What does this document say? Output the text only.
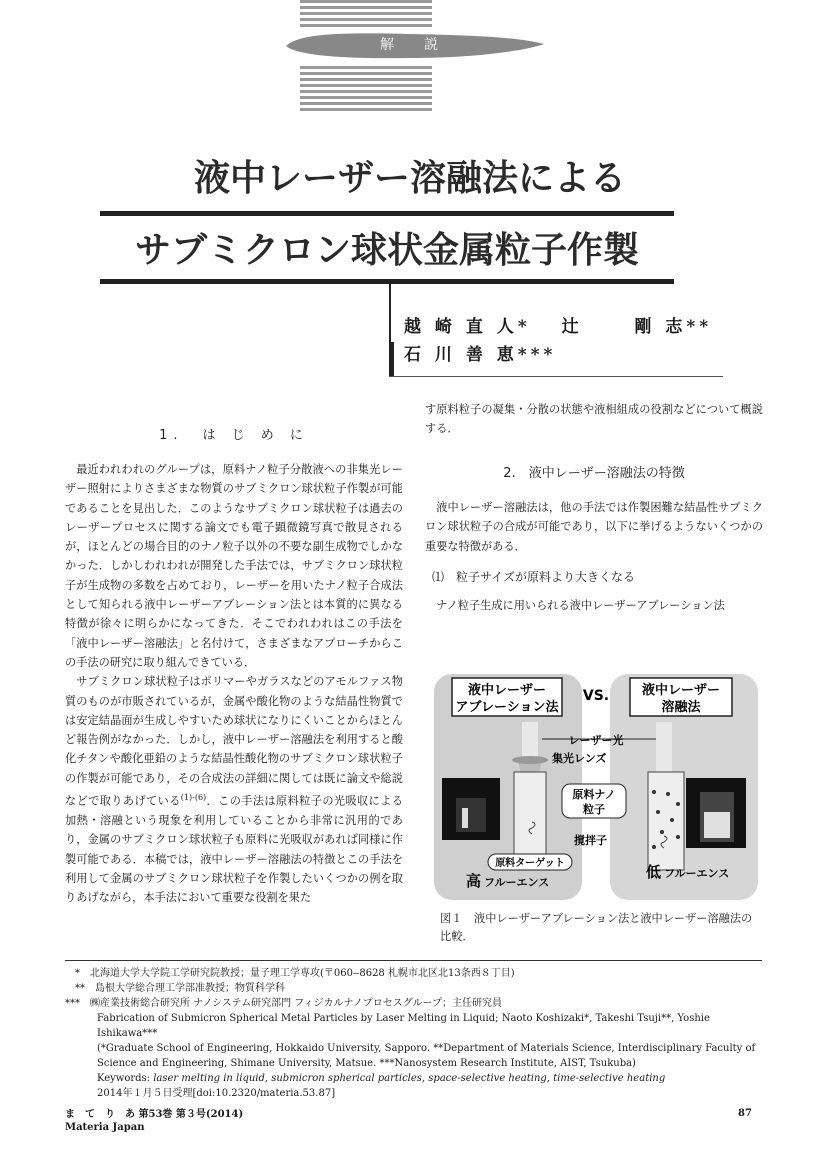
解　説
液中レーザー溶融法による
サブミクロン球状金属粒子作製
越 崎 直 人*　 辻　　 剛 志**
石 川 善 恵***
1.　は じ め に

最近われわれのグループは，原料ナノ粒子分散液への非集光レーザー照射によりさまざまな物質のサブミクロン球状粒子作製が可能であることを見出した．このようなサブミクロン球状粒子は過去のレーザープロセスに関する論文でも電子顕微鏡写真で散見されるが，ほとんどの場合目的のナノ粒子以外の不要な副生成物でしかなかった．しかしわれわれが開発した手法では，サブミクロン球状粒子が生成物の多数を占めており，レーザーを用いたナノ粒子合成法として知られる液中レーザーアブレーション法とは本質的に異なる特徴が徐々に明らかになってきた．そこでわれわれはこの手法を「液中レーザー溶融法」と名付けて，さまざまなアプローチからこの手法の研究に取り組んできている．

サブミクロン球状粒子はポリマーやガラスなどのアモルファス物質のものが市販されているが，金属や酸化物のような結晶性物質では安定結晶面が生成しやすいため球状になりにくいことからほとんど報告例がなかった．しかし，液中レーザー溶融法を利用すると酸化チタンや酸化亜鉛のような結晶性酸化物のサブミクロン球状粒子の作製が可能であり，その合成法の詳細に関しては既に論文や総説などで取りあげている$^{(1)-(6)}$．この手法は原料粒子の光吸収による加熱・溶融という現象を利用していることから非常に汎用的であり，金属のサブミクロン球状粒子も原料に光吸収があれば同様に作製可能である．本稿では，液中レーザー溶融法の特徴とこの手法を利用して金属のサブミクロン球状粒子を作製したいくつかの例を取りあげながら，本手法において重要な役割を果た

す原料粒子の凝集・分散の状態や液相組成の役割などについて概説する．
2.　液中レーザー溶融法の特徴
液中レーザー溶融法は，他の手法では作製困難な結晶性サブミクロン球状粒子の合成が可能であり，以下に挙げるようないくつかの重要な特徴がある．
⑴　粒子サイズが原料より大きくなる
ナノ粒子生成に用いられる液中レーザーアブレーション法
液中レーザー
アブレーション法
VS.	液中レーザー
溶融法
レーザー光
集光レンズ
原料ナノ
粒子
撹拌子
原料ターゲット
高 フルーエンス
低 フルーエンス
図１ 液中レーザーアブレーション法と液中レーザー溶融法の比較．
　*　北海道大学大学院工学研究院教授；量子理工学専攻(〒060‒8628 札幌市北区北13条西８丁目)
　**　島根大学総合理工学部准教授；物質科学科
***　㈱産業技術総合研究所 ナノシステム研究部門 フィジカルナノプロセスグループ；主任研究員
Fabrication of Submicron Spherical Metal Particles by Laser Melting in Liquid; Naoto Koshizaki*, Takeshi Tsuji**, Yoshie Ishikawa***
(*Graduate School of Engineering, Hokkaido University, Sapporo. **Department of Materials Science, Interdisciplinary Faculty of Science and Engineering, Shimane University, Matsue. ***Nanosystem Research Institute, AIST, Tsukuba)
Keywords: laser melting in liquid, submicron spherical particles, space-selective heating, time-selective heating
2014年１月５日受理[doi:10.2320/materia.53.87]
ま　て　り　あ 第53巻 第３号(2014)
Materia Japan
87
